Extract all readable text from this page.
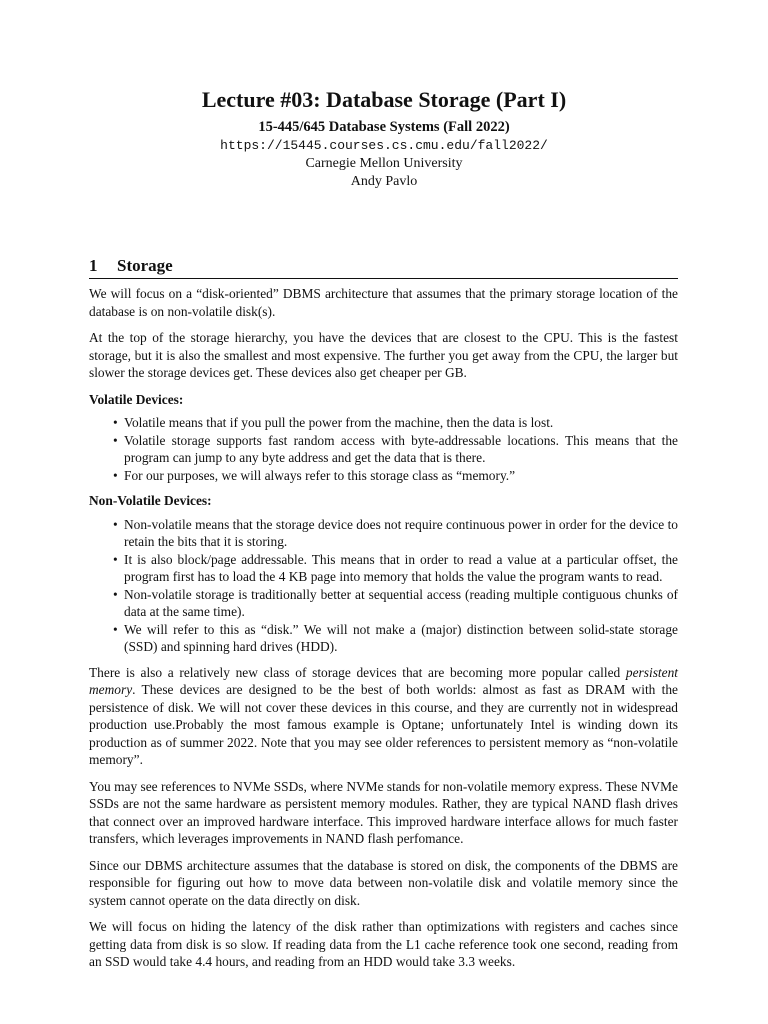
Lecture #03: Database Storage (Part I)
15-445/645 Database Systems (Fall 2022)
https://15445.courses.cs.cmu.edu/fall2022/
Carnegie Mellon University
Andy Pavlo
1 Storage

We will focus on a “disk-oriented” DBMS architecture that assumes that the primary storage location of the database is on non-volatile disk(s).

At the top of the storage hierarchy, you have the devices that are closest to the CPU. This is the fastest storage, but it is also the smallest and most expensive. The further you get away from the CPU, the larger but slower the storage devices get. These devices also get cheaper per GB.

Volatile Devices:
• Volatile means that if you pull the power from the machine, then the data is lost.
• Volatile storage supports fast random access with byte-addressable locations. This means that the program can jump to any byte address and get the data that is there.
• For our purposes, we will always refer to this storage class as “memory.”
Non-Volatile Devices:
• Non-volatile means that the storage device does not require continuous power in order for the device to retain the bits that it is storing.
• It is also block/page addressable. This means that in order to read a value at a particular offset, the program first has to load the 4 KB page into memory that holds the value the program wants to read.
• Non-volatile storage is traditionally better at sequential access (reading multiple contiguous chunks of data at the same time).
• We will refer to this as “disk.” We will not make a (major) distinction between solid-state storage (SSD) and spinning hard drives (HDD).

There is also a relatively new class of storage devices that are becoming more popular called persistent memory. These devices are designed to be the best of both worlds: almost as fast as DRAM with the persistence of disk. We will not cover these devices in this course, and they are currently not in widespread production use.Probably the most famous example is Optane; unfortunately Intel is winding down its production as of summer 2022. Note that you may see older references to persistent memory as “non-volatile memory”.

You may see references to NVMe SSDs, where NVMe stands for non-volatile memory express. These NVMe SSDs are not the same hardware as persistent memory modules. Rather, they are typical NAND flash drives that connect over an improved hardware interface. This improved hardware interface allows for much faster transfers, which leverages improvements in NAND flash perfomance.

Since our DBMS architecture assumes that the database is stored on disk, the components of the DBMS are responsible for figuring out how to move data between non-volatile disk and volatile memory since the system cannot operate on the data directly on disk.

We will focus on hiding the latency of the disk rather than optimizations with registers and caches since getting data from disk is so slow. If reading data from the L1 cache reference took one second, reading from an SSD would take 4.4 hours, and reading from an HDD would take 3.3 weeks.
